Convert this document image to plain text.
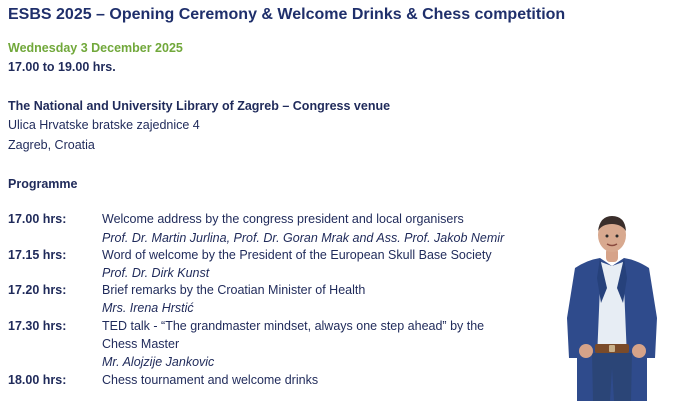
ESBS 2025 – Opening Ceremony & Welcome Drinks & Chess competition
Wednesday 3 December 2025
17.00 to 19.00 hrs.
The National and University Library of Zagreb – Congress venue
Ulica Hrvatske bratske zajednice 4
Zagreb, Croatia
Programme
17.00 hrs:	Welcome address by the congress president and local organisers
Prof. Dr. Martin Jurlina, Prof. Dr. Goran Mrak and Ass. Prof. Jakob Nemir
17.15 hrs:	Word of welcome by the President of the European Skull Base Society
Prof. Dr. Dirk Kunst
17.20 hrs:	Brief remarks by the Croatian Minister of Health
Mrs. Irena Hrstić
17.30 hrs:	TED talk - “The grandmaster mindset, always one step ahead” by the
Chess Master
Mr. Alojzije Jankovic
18.00 hrs:	Chess tournament and welcome drinks
